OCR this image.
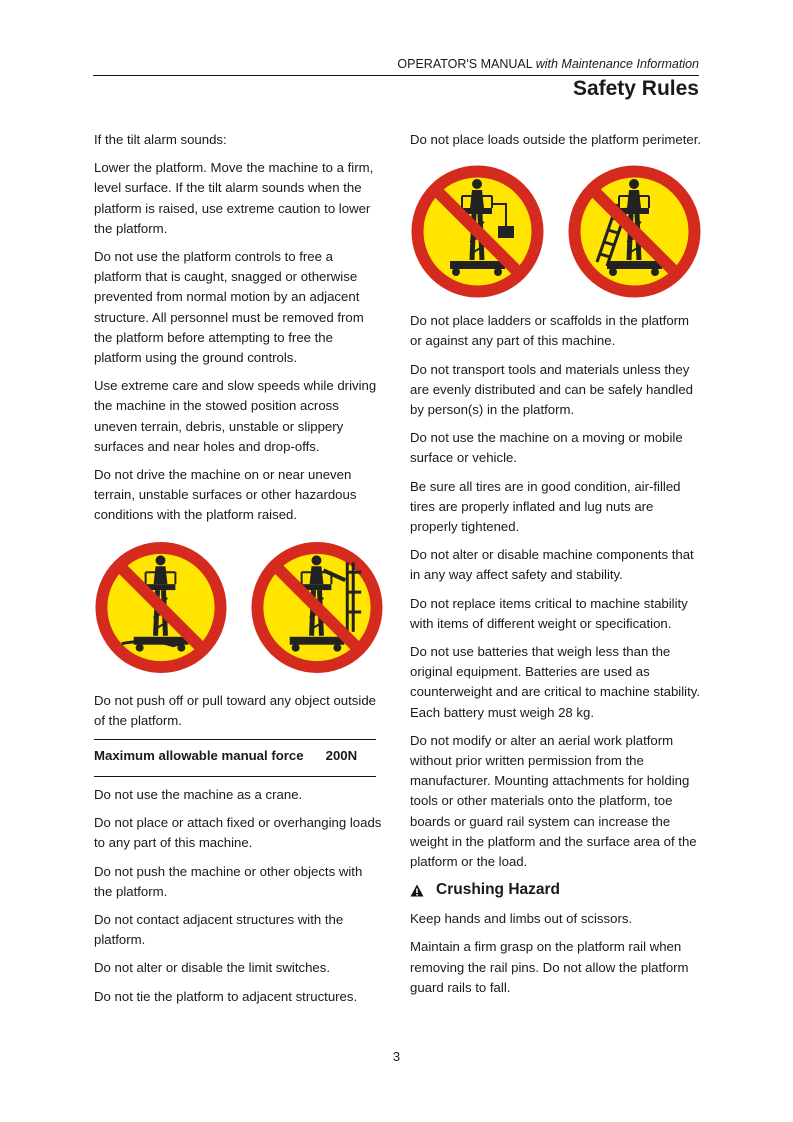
OPERATOR'S MANUAL with Maintenance Information
Safety Rules

If the tilt alarm sounds:

Lower the platform. Move the machine to a firm, level surface. If the tilt alarm sounds when the platform is raised, use extreme caution to lower the platform.

Do not use the platform controls to free a platform that is caught, snagged or otherwise prevented from normal motion by an adjacent structure. All personnel must be removed from the platform before attempting to free the platform using the ground controls.

Use extreme care and slow speeds while driving the machine in the stowed position across uneven terrain, debris, unstable or slippery surfaces and near holes and drop-offs.

Do not drive the machine on or near uneven terrain, unstable surfaces or other hazardous conditions with the platform raised.

Do not push off or pull toward any object outside of the platform.

Maximum allowable manual force 200N

Do not use the machine as a crane.

Do not place or attach fixed or overhanging loads to any part of this machine.

Do not push the machine or other objects with the platform.

Do not contact adjacent structures with the platform.

Do not alter or disable the limit switches.

Do not tie the platform to adjacent structures.

Do not place loads outside the platform perimeter.

Do not place ladders or scaffolds in the platform or against any part of this machine.

Do not transport tools and materials unless they are evenly distributed and can be safely handled by person(s) in the platform.

Do not use the machine on a moving or mobile surface or vehicle.

Be sure all tires are in good condition, air-filled tires are properly inflated and lug nuts are properly tightened.

Do not alter or disable machine components that in any way affect safety and stability.

Do not replace items critical to machine stability with items of different weight or specification.

Do not use batteries that weigh less than the original equipment. Batteries are used as counterweight and are critical to machine stability. Each battery must weigh 28 kg.

Do not modify or alter an aerial work platform without prior written permission from the manufacturer. Mounting attachments for holding tools or other materials onto the platform, toe boards or guard rail system can increase the weight in the platform and the surface area of the platform or the load.

Crushing Hazard

Keep hands and limbs out of scissors.

Maintain a firm grasp on the platform rail when removing the rail pins. Do not allow the platform guard rails to fall.

3
